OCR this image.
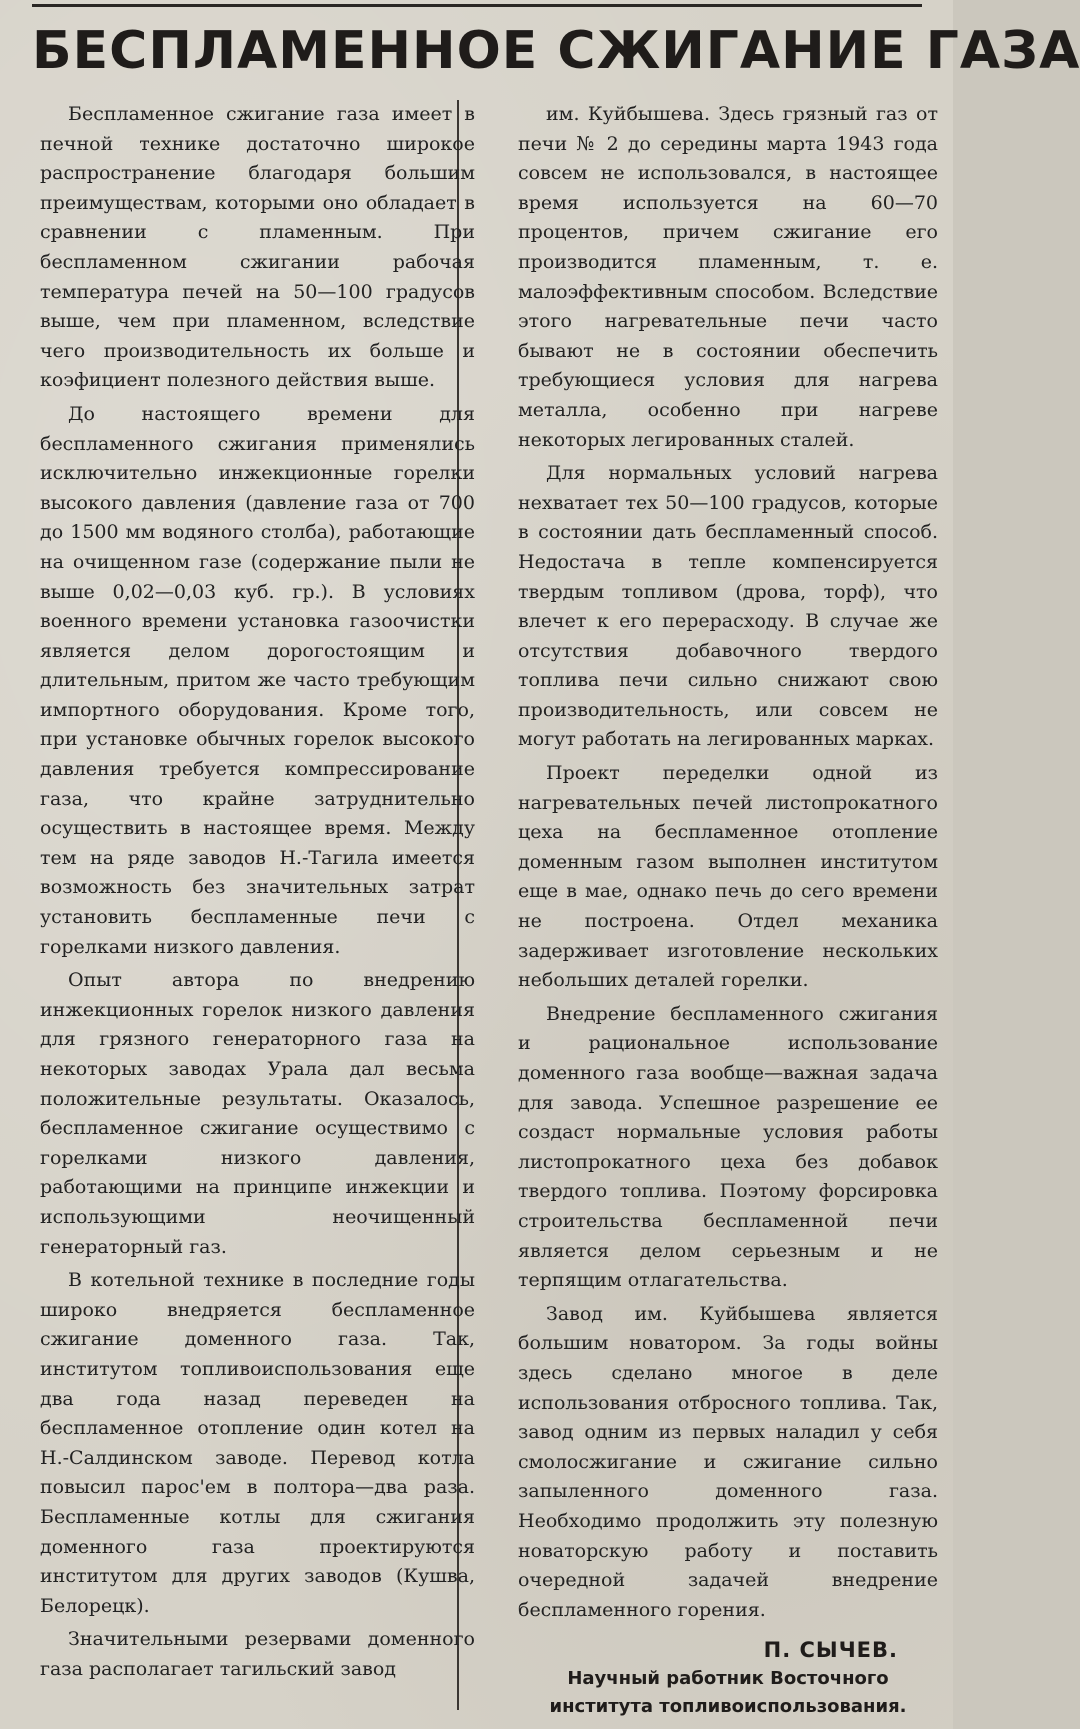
БЕСПЛАМЕННОЕ СЖИГАНИЕ ГАЗА

Беспламенное сжигание газа имеет в печной технике достаточно широкое распространение благодаря большим преимуществам, которыми оно обладает в сравнении с пламенным. При беспламенном сжигании рабочая температура печей на 50—100 градусов выше, чем при пламенном, вследствие чего производительность их больше и коэфициент полезного действия выше.

До настоящего времени для беспламенного сжигания применялись исключительно инжекционные горелки высокого давления (давление газа от 700 до 1500 мм водяного столба), работающие на очищенном газе (содержание пыли не выше 0,02—0,03 куб. гр.). В условиях военного времени установка газоочистки является делом дорогостоящим и длительным, притом же часто требующим импортного оборудования. Кроме того, при установке обычных горелок высокого давления требуется компрессирование газа, что крайне затруднительно осуществить в настоящее время. Между тем на ряде заводов Н.-Тагила имеется возможность без значительных затрат установить беспламенные печи с горелками низкого давления.

Опыт автора по внедрению инжекционных горелок низкого давления для грязного генераторного газа на некоторых заводах Урала дал весьма положительные результаты. Оказалось, беспламенное сжигание осуществимо с горелками низкого давления, работающими на принципе инжекции и использующими неочищенный генераторный газ.

В котельной технике в последние годы широко внедряется беспламенное сжигание доменного газа. Так, институтом топливоиспользования еще два года назад переведен на беспламенное отопление один котел на Н.-Салдинском заводе. Перевод котла повысил парос'ем в полтора—два раза. Беспламенные котлы для сжигания доменного газа проектируются институтом для других заводов (Кушва, Белорецк).

Значительными резервами доменного газа располагает тагильский завод

им. Куйбышева. Здесь грязный газ от печи № 2 до середины марта 1943 года совсем не использовался, в настоящее время используется на 60—70 процентов, причем сжигание его производится пламенным, т. е. малоэффективным способом. Вследствие этого нагревательные печи часто бывают не в состоянии обеспечить требующиеся условия для нагрева металла, особенно при нагреве некоторых легированных сталей.

Для нормальных условий нагрева нехватает тех 50—100 градусов, которые в состоянии дать беспламенный способ. Недостача в тепле компенсируется твердым топливом (дрова, торф), что влечет к его перерасходу. В случае же отсутствия добавочного твердого топлива печи сильно снижают свою производительность, или совсем не могут работать на легированных марках.

Проект переделки одной из нагревательных печей листопрокатного цеха на беспламенное отопление доменным газом выполнен институтом еще в мае, однако печь до сего времени не построена. Отдел механика задерживает изготовление нескольких небольших деталей горелки.

Внедрение беспламенного сжигания и рациональное использование доменного газа вообще—важная задача для завода. Успешное разрешение ее создаст нормальные условия работы листопрокатного цеха без добавок твердого топлива. Поэтому форсировка строительства беспламенной печи является делом серьезным и не терпящим отлагательства.

Завод им. Куйбышева является большим новатором. За годы войны здесь сделано многое в деле использования отбросного топлива. Так, завод одним из первых наладил у себя смолосжигание и сжигание сильно запыленного доменного газа. Необходимо продолжить эту полезную новаторскую работу и поставить очередной задачей внедрение беспламенного горения.

П. СЫЧЕВ.
Научный работник Восточного института топливоиспользования.
